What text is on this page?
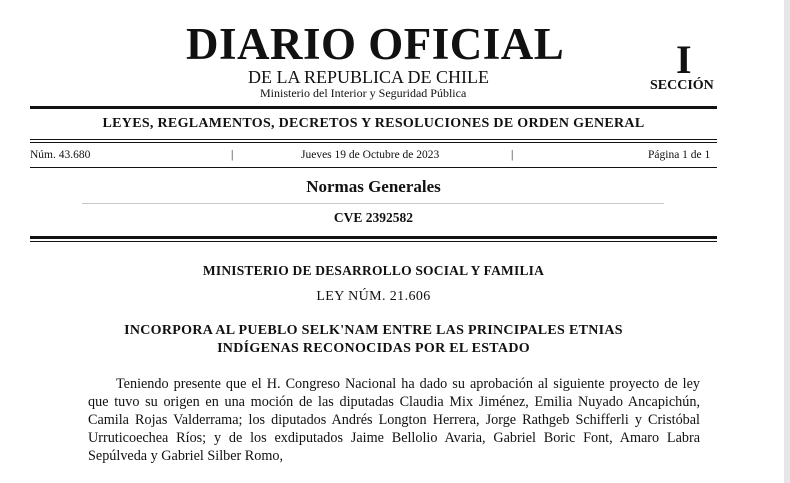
DIARIO OFICIAL
DE LA REPUBLICA DE CHILE
Ministerio del Interior y Seguridad Pública
I
SECCIÓN
LEYES, REGLAMENTOS, DECRETOS Y RESOLUCIONES DE ORDEN GENERAL
Núm. 43.680	|	Jueves 19 de Octubre de 2023	|	Página 1 de 1
Normas Generales
CVE 2392582
MINISTERIO DE DESARROLLO SOCIAL Y FAMILIA
LEY NÚM. 21.606
INCORPORA AL PUEBLO SELK'NAM ENTRE LAS PRINCIPALES ETNIAS
INDÍGENAS RECONOCIDAS POR EL ESTADO
Teniendo presente que el H. Congreso Nacional ha dado su aprobación al siguiente proyecto de ley que tuvo su origen en una moción de las diputadas Claudia Mix Jiménez, Emilia Nuyado Ancapichún, Camila Rojas Valderrama; los diputados Andrés Longton Herrera, Jorge Rathgeb Schifferli y Cristóbal Urruticoechea Ríos; y de los exdiputados Jaime Bellolio Avaria, Gabriel Boric Font, Amaro Labra Sepúlveda y Gabriel Silber Romo,
